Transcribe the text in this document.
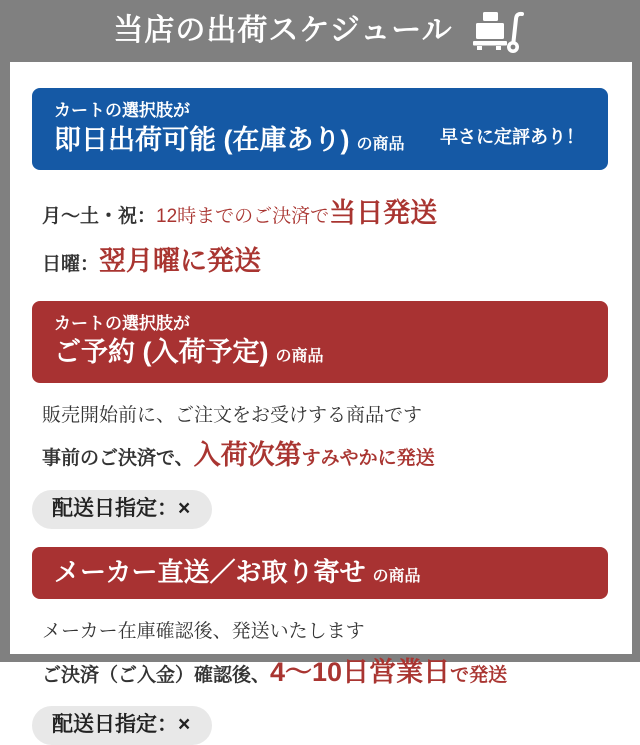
当店の出荷スケジュール
カートの選択肢が
即日出荷可能 (在庫あり) の商品	早さに定評あり！

月～土・祝：12時までのご決済で当日発送

日曜：翌月曜に発送

カートの選択肢が
ご予約 (入荷予定) の商品

販売開始前に、ご注文をお受けする商品です

事前のご決済で、入荷次第すみやかに発送

配送日指定：×
メーカー直送／お取り寄せ の商品

メーカー在庫確認後、発送いたします

ご決済（ご入金）確認後、4～10日営業日で発送

配送日指定：×
